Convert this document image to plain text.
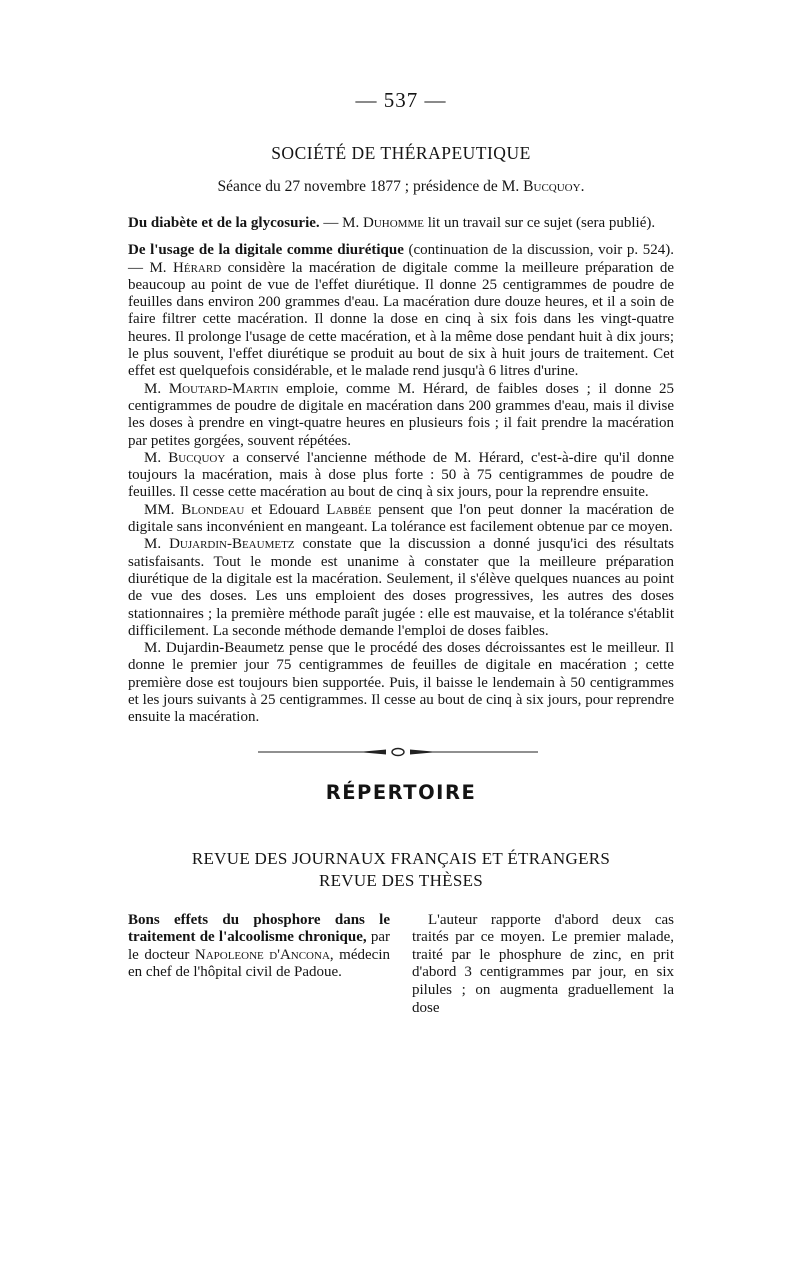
— 537 —
SOCIÉTÉ DE THÉRAPEUTIQUE
Séance du 27 novembre 1877 ; présidence de M. Bucquoy.

Du diabète et de la glycosurie. — M. Duhomme lit un travail sur ce sujet (sera publié).

De l'usage de la digitale comme diurétique (continuation de la discussion, voir p. 524). — M. Hérard considère la macération de digitale comme la meilleure préparation de beaucoup au point de vue de l'effet diurétique. Il donne 25 centigrammes de poudre de feuilles dans environ 200 grammes d'eau. La macération dure douze heures, et il a soin de faire filtrer cette macération. Il donne la dose en cinq à six fois dans les vingt-quatre heures. Il prolonge l'usage de cette macération, et à la même dose pendant huit à dix jours; le plus souvent, l'effet diurétique se produit au bout de six à huit jours de traitement. Cet effet est quelquefois considérable, et le malade rend jusqu'à 6 litres d'urine.

M. Moutard-Martin emploie, comme M. Hérard, de faibles doses ; il donne 25 centigrammes de poudre de digitale en macération dans 200 grammes d'eau, mais il divise les doses à prendre en vingt-quatre heures en plusieurs fois ; il fait prendre la macération par petites gorgées, souvent répétées.

M. Bucquoy a conservé l'ancienne méthode de M. Hérard, c'est-à-dire qu'il donne toujours la macération, mais à dose plus forte : 50 à 75 centigrammes de poudre de feuilles. Il cesse cette macération au bout de cinq à six jours, pour la reprendre ensuite.

MM. Blondeau et Edouard Labbée pensent que l'on peut donner la macération de digitale sans inconvénient en mangeant. La tolérance est facilement obtenue par ce moyen.

M. Dujardin-Beaumetz constate que la discussion a donné jusqu'ici des résultats satisfaisants. Tout le monde est unanime à constater que la meilleure préparation diurétique de la digitale est la macération. Seulement, il s'élève quelques nuances au point de vue des doses. Les uns emploient des doses progressives, les autres des doses stationnaires ; la première méthode paraît jugée : elle est mauvaise, et la tolérance s'établit difficilement. La seconde méthode demande l'emploi de doses faibles.

M. Dujardin-Beaumetz pense que le procédé des doses décroissantes est le meilleur. Il donne le premier jour 75 centigrammes de feuilles de digitale en macération ; cette première dose est toujours bien supportée. Puis, il baisse le lendemain à 50 centigrammes et les jours suivants à 25 centigrammes. Il cesse au bout de cinq à six jours, pour reprendre ensuite la macération.

RÉPERTOIRE
REVUE DES JOURNAUX FRANÇAIS ET ÉTRANGERS
REVUE DES THÈSES

Bons effets du phosphore dans le traitement de l'alcoolisme chronique, par le docteur Napoleone d'Ancona, médecin en chef de l'hôpital civil de Padoue.

L'auteur rapporte d'abord deux cas traités par ce moyen. Le premier malade, traité par le phosphure de zinc, en prit d'abord 3 centigrammes par jour, en six pilules ; on augmenta graduellement la dose
